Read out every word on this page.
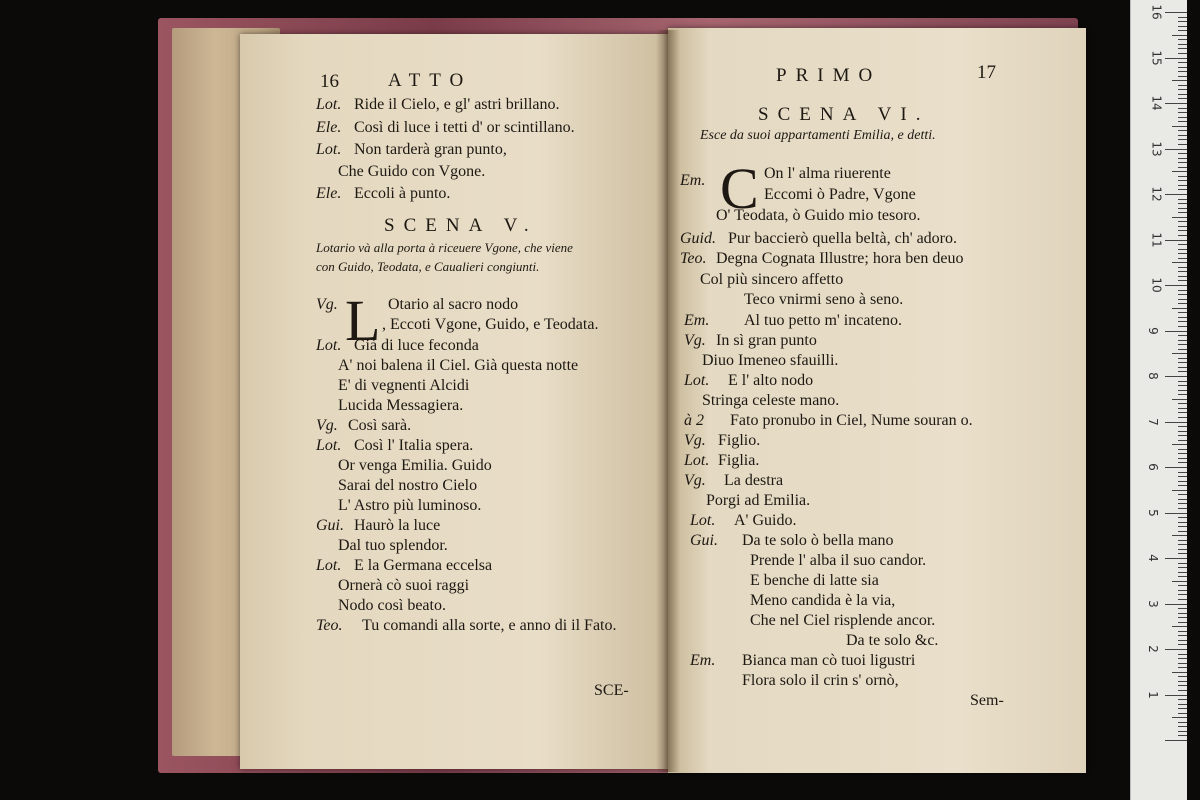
16	ATTO
Lot. Ride il Cielo, e gl' astri brillano.
Ele. Così di luce i tetti d' or scintillano.
Lot. Non tarderà gran punto,
Che Guido con Vgone.
Ele. Eccoli à punto.
SCENA V.
Lotario và alla porta à riceuere Vgone, che viene
con Guido, Teodata, e Caualieri congiunti.
Vg. L Otario al sacro nodo
, Eccoti Vgone, Guido, e Teodata.
Lot. Già di luce feconda
A' noi balena il Ciel. Già questa notte
E' di vegnenti Alcidi
Lucida Messagiera.
Vg. Così sarà.
Lot. Così l' Italia spera.
Or venga Emilia. Guido
Sarai del nostro Cielo
L' Astro più luminoso.
Gui. Haurò la luce
Dal tuo splendor.
Lot. E la Germana eccelsa
Ornerà cò suoi raggi
Nodo così beato.
Teo. Tu comandi alla sorte, e anno di il Fato.
SCE-
PRIMO	17
SCENA VI.
Esce da suoi appartamenti Emilia, e detti.
Em. C On l' alma riuerente
Eccomi ò Padre, Vgone
O' Teodata, ò Guido mio tesoro.
Guid. Pur baccierò quella beltà, ch' adoro.
Teo. Degna Cognata Illustre; hora ben deuo
Col più sincero affetto
Teco vnirmi seno à seno.
Em. Al tuo petto m' incateno.
Vg. In sì gran punto
Diuo Imeneo sfauilli.
Lot. E l' alto nodo
Stringa celeste mano.
à 2 Fato pronubo in Ciel, Nume souran o.
Vg. Figlio.
Lot. Figlia.
Vg. La destra
Porgi ad Emilia.
Lot. A' Guido.
Gui. Da te solo ò bella mano
Prende l' alba il suo candor.
E benche di latte sia
Meno candida è la via,
Che nel Ciel risplende ancor.
Da te solo &c.
Em. Bianca man cò tuoi ligustri
Flora solo il crin s' ornò,
Sem-	1
2
3
4
5
6
7
8
9
10
11
12
13
14
15
16
